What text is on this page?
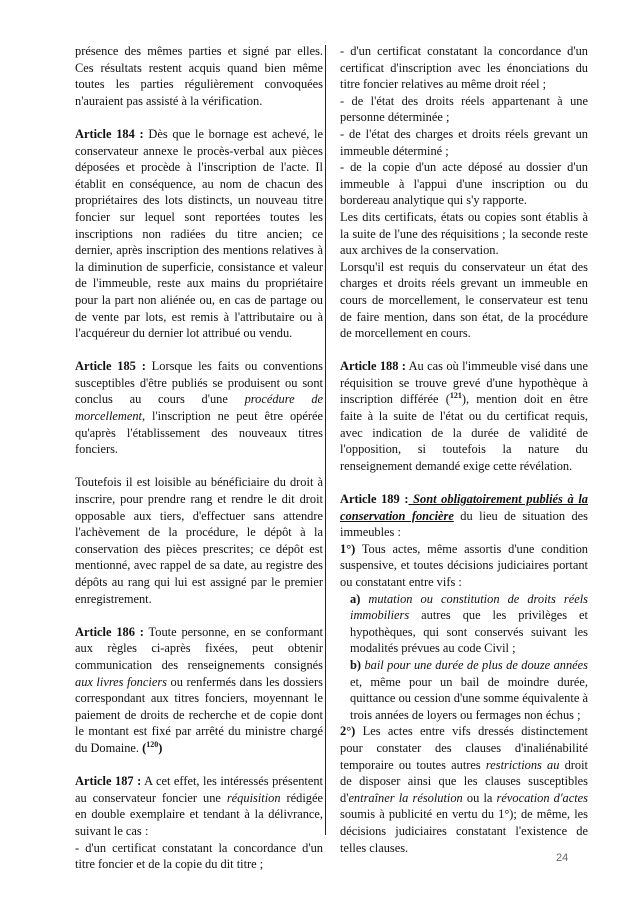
présence des mêmes parties et signé par elles. Ces résultats restent acquis quand bien même toutes les parties régulièrement convoquées n'auraient pas assisté à la vérification.

Article 184 : Dès que le bornage est achevé, le conservateur annexe le procès-verbal aux pièces déposées et procède à l'inscription de l'acte. Il établit en conséquence, au nom de chacun des propriétaires des lots distincts, un nouveau titre foncier sur lequel sont reportées toutes les inscriptions non radiées du titre ancien; ce dernier, après inscription des mentions relatives à la diminution de superficie, consistance et valeur de l'immeuble, reste aux mains du propriétaire pour la part non aliénée ou, en cas de partage ou de vente par lots, est remis à l'attributaire ou à l'acquéreur du dernier lot attribué ou vendu.

Article 185 : Lorsque les faits ou conventions susceptibles d'être publiés se produisent ou sont conclus au cours d'une procédure de morcellement, l'inscription ne peut être opérée qu'après l'établissement des nouveaux titres fonciers.

Toutefois il est loisible au bénéficiaire du droit à inscrire, pour prendre rang et rendre le dit droit opposable aux tiers, d'effectuer sans attendre l'achèvement de la procédure, le dépôt à la conservation des pièces prescrites; ce dépôt est mentionné, avec rappel de sa date, au registre des dépôts au rang qui lui est assigné par le premier enregistrement.

Article 186 : Toute personne, en se conformant aux règles ci-après fixées, peut obtenir communication des renseignements consignés aux livres fonciers ou renfermés dans les dossiers correspondant aux titres fonciers, moyennant le paiement de droits de recherche et de copie dont le montant est fixé par arrêté du ministre chargé du Domaine. ($^{120}$)

Article 187 : A cet effet, les intéressés présentent au conservateur foncier une réquisition rédigée en double exemplaire et tendant à la délivrance, suivant le cas :

- d'un certificat constatant la concordance d'un titre foncier et de la copie du dit titre ;

- d'un certificat constatant la concordance d'un certificat d'inscription avec les énonciations du titre foncier relatives au même droit réel ;

- de l'état des droits réels appartenant à une personne déterminée ;

- de l'état des charges et droits réels grevant un immeuble déterminé ;

- de la copie d'un acte déposé au dossier d'un immeuble à l'appui d'une inscription ou du bordereau analytique qui s'y rapporte.

Les dits certificats, états ou copies sont établis à la suite de l'une des réquisitions ; la seconde reste aux archives de la conservation.

Lorsqu'il est requis du conservateur un état des charges et droits réels grevant un immeuble en cours de morcellement, le conservateur est tenu de faire mention, dans son état, de la procédure de morcellement en cours.

Article 188 : Au cas où l'immeuble visé dans une réquisition se trouve grevé d'une hypothèque à inscription différée ($^{121}$), mention doit en être faite à la suite de l'état ou du certificat requis, avec indication de la durée de validité de l'opposition, si toutefois la nature du renseignement demandé exige cette révélation.

Article 189 : Sont obligatoirement publiés à la conservation foncière du lieu de situation des immeubles :

1°) Tous actes, même assortis d'une condition suspensive, et toutes décisions judiciaires portant ou constatant entre vifs :

a) mutation ou constitution de droits réels immobiliers autres que les privilèges et hypothèques, qui sont conservés suivant les modalités prévues au code Civil ;

b) bail pour une durée de plus de douze années et, même pour un bail de moindre durée, quittance ou cession d'une somme équivalente à trois années de loyers ou fermages non échus ;

2°) Les actes entre vifs dressés distinctement pour constater des clauses d'inaliénabilité temporaire ou toutes autres restrictions au droit de disposer ainsi que les clauses susceptibles d'entraîner la résolution ou la révocation d'actes soumis à publicité en vertu du 1°); de même, les décisions judiciaires constatant l'existence de telles clauses.

24
